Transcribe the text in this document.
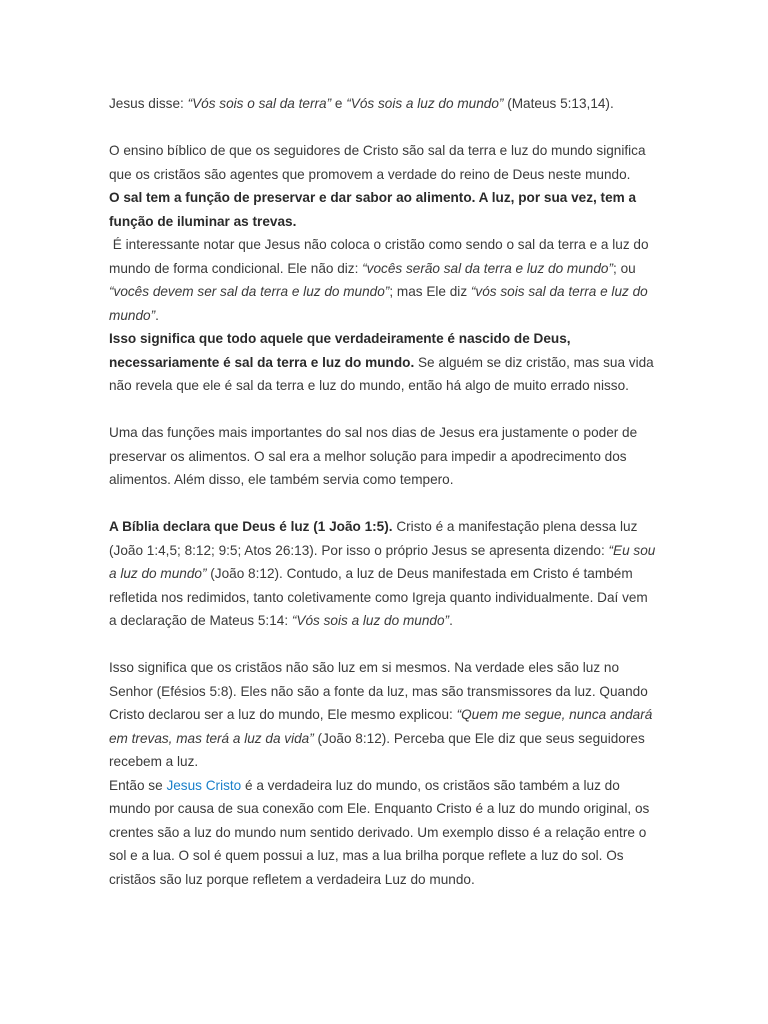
Jesus disse: “Vós sois o sal da terra” e “Vós sois a luz do mundo” (Mateus 5:13,14).

O ensino bíblico de que os seguidores de Cristo são sal da terra e luz do mundo significa que os cristãos são agentes que promovem a verdade do reino de Deus neste mundo.

O sal tem a função de preservar e dar sabor ao alimento. A luz, por sua vez, tem a função de iluminar as trevas.

É interessante notar que Jesus não coloca o cristão como sendo o sal da terra e a luz do mundo de forma condicional. Ele não diz: “vocês serão sal da terra e luz do mundo”; ou “vocês devem ser sal da terra e luz do mundo”; mas Ele diz “vós sois sal da terra e luz do mundo”.

Isso significa que todo aquele que verdadeiramente é nascido de Deus, necessariamente é sal da terra e luz do mundo. Se alguém se diz cristão, mas sua vida não revela que ele é sal da terra e luz do mundo, então há algo de muito errado nisso.

Uma das funções mais importantes do sal nos dias de Jesus era justamente o poder de preservar os alimentos. O sal era a melhor solução para impedir a apodrecimento dos alimentos. Além disso, ele também servia como tempero.

A Bíblia declara que Deus é luz (1 João 1:5). Cristo é a manifestação plena dessa luz (João 1:4,5; 8:12; 9:5; Atos 26:13). Por isso o próprio Jesus se apresenta dizendo: “Eu sou a luz do mundo” (João 8:12). Contudo, a luz de Deus manifestada em Cristo é também refletida nos redimidos, tanto coletivamente como Igreja quanto individualmente. Daí vem a declaração de Mateus 5:14: “Vós sois a luz do mundo”.

Isso significa que os cristãos não são luz em si mesmos. Na verdade eles são luz no Senhor (Efésios 5:8). Eles não são a fonte da luz, mas são transmissores da luz. Quando Cristo declarou ser a luz do mundo, Ele mesmo explicou: “Quem me segue, nunca andará em trevas, mas terá a luz da vida” (João 8:12). Perceba que Ele diz que seus seguidores recebem a luz.

Então se Jesus Cristo é a verdadeira luz do mundo, os cristãos são também a luz do mundo por causa de sua conexão com Ele. Enquanto Cristo é a luz do mundo original, os crentes são a luz do mundo num sentido derivado. Um exemplo disso é a relação entre o sol e a lua. O sol é quem possui a luz, mas a lua brilha porque reflete a luz do sol. Os cristãos são luz porque refletem a verdadeira Luz do mundo.
